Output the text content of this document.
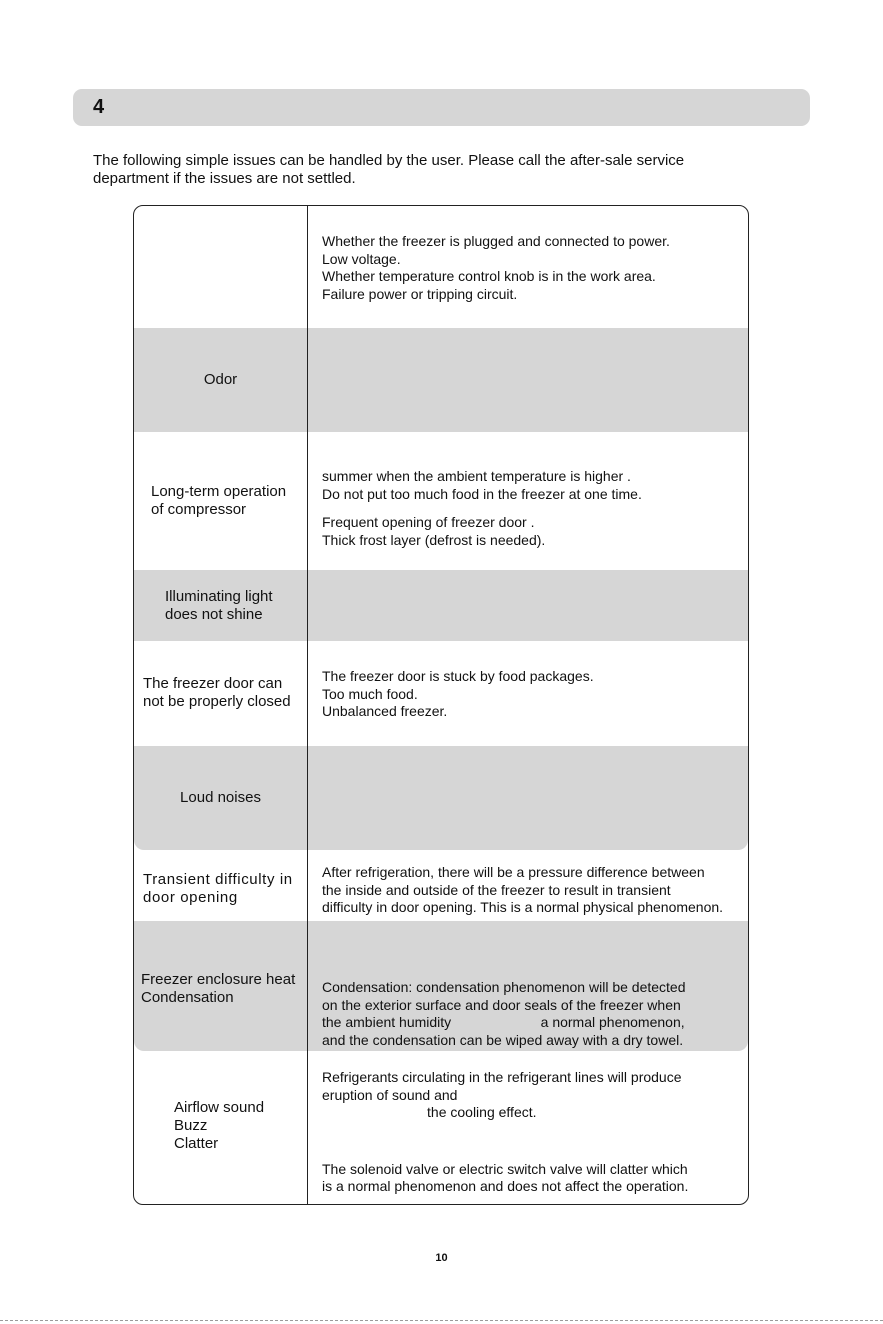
4

The following simple issues can be handled by the user. Please call the after-sale service

department if the issues are not settled.

Whether the freezer is plugged and connected to power.

Low voltage.

Whether temperature control knob is in the work area.

Failure power or tripping circuit.

Odor
Long-term operation
of compressor

summer when the ambient temperature is higher .

Do not put too much food in the freezer at one time.

Frequent opening of freezer door .

Thick frost layer (defrost is needed).

Illuminating light
does not shine
The freezer door can
not be properly closed

The freezer door is stuck by food packages.

Too much food.

Unbalanced freezer.

Loud noises
Transient difficulty in
door opening

After refrigeration, there will be a pressure difference between

the inside and outside of the freezer to result in transient

difficulty in door opening. This is a normal physical phenomenon.

Freezer enclosure heat
Condensation

Condensation: condensation phenomenon will be detected

on the exterior surface and door seals of the freezer when

the ambient humidity                       a normal phenomenon,

and the condensation can be wiped away with a dry towel.

Airflow sound
Buzz
Clatter

Refrigerants circulating in the refrigerant lines will produce

eruption of sound and

the cooling effect.

The solenoid valve or electric switch valve will clatter which

is a normal phenomenon and does not affect the operation.

10
